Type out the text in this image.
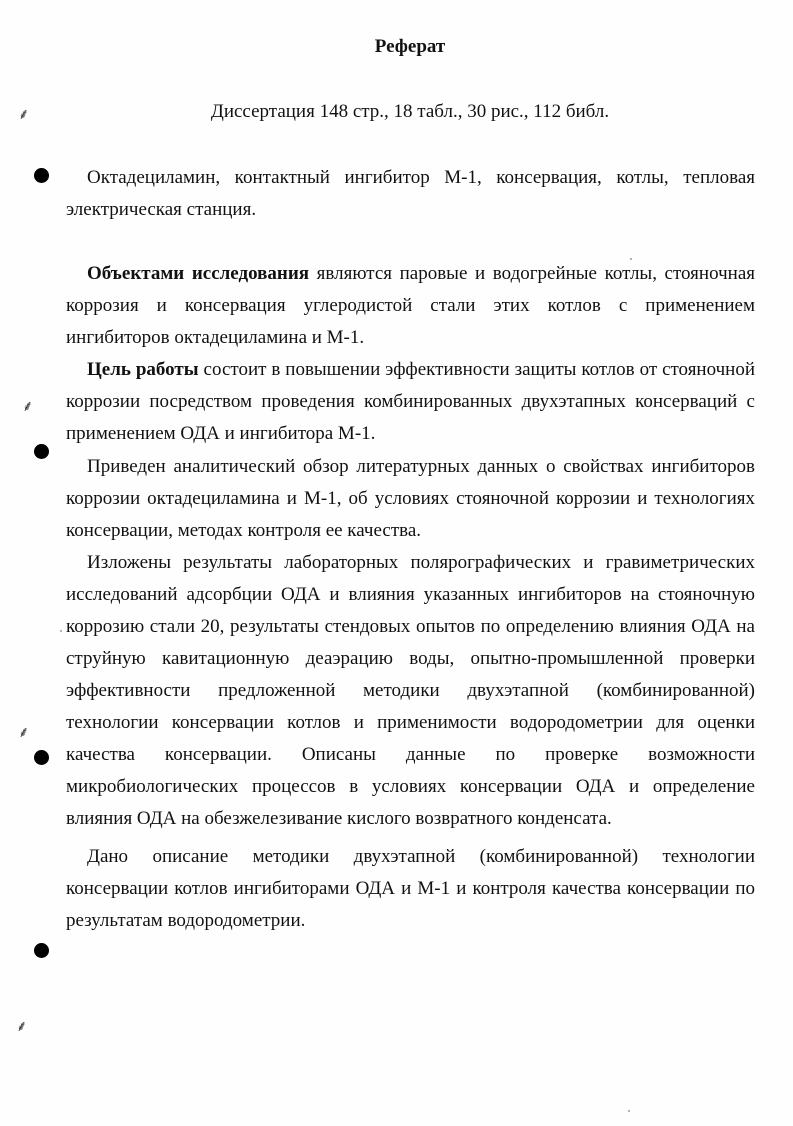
Реферат
Диссертация 148 стр., 18 табл., 30 рис., 112 библ.

Октадециламин, контактный ингибитор М-1, консервация, котлы, тепловая электрическая станция.

Объектами исследования являются паровые и водогрейные котлы, стояночная коррозия и консервация углеродистой стали этих котлов с применением ингибиторов октадециламина и М-1.

Цель работы состоит в повышении эффективности защиты котлов от стояночной коррозии посредством проведения комбинированных двухэтапных консерваций с применением ОДА и ингибитора М-1.

Приведен аналитический обзор литературных данных о свойствах ингибиторов коррозии октадециламина и М-1, об условиях стояночной коррозии и технологиях консервации, методах контроля ее качества.

Изложены результаты лабораторных полярографических и гравиметрических исследований адсорбции ОДА и влияния указанных ингибиторов на стояночную коррозию стали 20, результаты стендовых опытов по определению влияния ОДА на струйную кавитационную деаэрацию воды, опытно-промышленной проверки эффективности предложенной методики двухэтапной (комбинированной) технологии консервации котлов и применимости водородометрии для оценки качества консервации. Описаны данные по проверке возможности микробиологических процессов в условиях консервации ОДА и определение влияния ОДА на обезжелезивание кислого возвратного конденсата.

Дано описание методики двухэтапной (комбинированной) технологии консервации котлов ингибиторами ОДА и М-1 и контроля качества консервации по результатам водородометрии.

⸙
⸙
⸙
⸙
